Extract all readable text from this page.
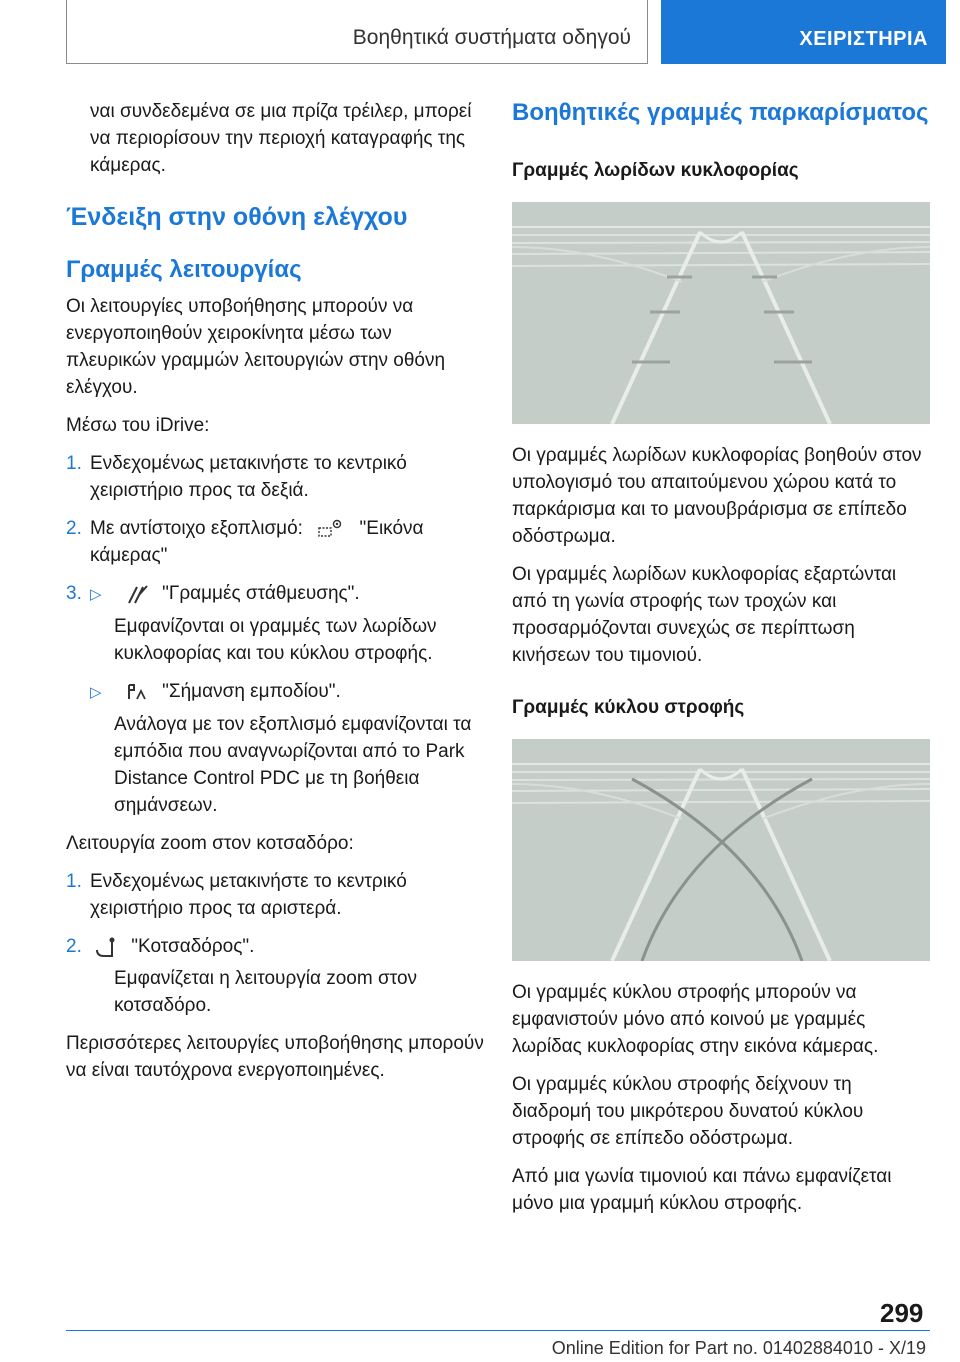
Βοηθητικά συστήματα οδηγού	ΧΕΙΡΙΣΤΗΡΙΑ

ναι συνδεδεμένα σε μια πρίζα τρέιλερ, μπορεί να περιορίσουν την περιοχή καταγραφής της κάμερας.

Ένδειξη στην οθόνη ελέγχου
Γραμμές λειτουργίας

Οι λειτουργίες υποβοήθησης μπορούν να ενεργοποιηθούν χειροκίνητα μέσω των πλευρικών γραμμών λειτουργιών στην οθόνη ελέγχου.

Μέσω του iDrive:

1. Ενδεχομένως μετακινήστε το κεντρικό χειριστήριο προς τα δεξιά.
2. Με αντίστοιχο εξοπλισμό:	"Εικόνα κάμερας"
3. ▷	"Γραμμές στάθμευσης".

Εμφανίζονται οι γραμμές των λωρίδων κυκλοφορίας και του κύκλου στροφής.

▷	"Σήμανση εμποδίου".

Ανάλογα με τον εξοπλισμό εμφανίζονται τα εμπόδια που αναγνωρίζονται από το Park Distance Control PDC με τη βοήθεια σημάνσεων.

Λειτουργία zoom στον κοτσαδόρο:

1. Ενδεχομένως μετακινήστε το κεντρικό χειριστήριο προς τα αριστερά.
2.	"Κοτσαδόρος".

Εμφανίζεται η λειτουργία zoom στον κοτσαδόρο.

Περισσότερες λειτουργίες υποβοήθησης μπορούν να είναι ταυτόχρονα ενεργοποιημένες.

Βοηθητικές γραμμές παρκαρίσματος
Γραμμές λωρίδων κυκλοφορίας

Οι γραμμές λωρίδων κυκλοφορίας βοηθούν στον υπολογισμό του απαιτούμενου χώρου κατά το παρκάρισμα και το μανουβράρισμα σε επίπεδο οδόστρωμα.

Οι γραμμές λωρίδων κυκλοφορίας εξαρτώνται από τη γωνία στροφής των τροχών και προσαρμόζονται συνεχώς σε περίπτωση κινήσεων του τιμονιού.

Γραμμές κύκλου στροφής

Οι γραμμές κύκλου στροφής μπορούν να εμφανιστούν μόνο από κοινού με γραμμές λωρίδας κυκλοφορίας στην εικόνα κάμερας.

Οι γραμμές κύκλου στροφής δείχνουν τη διαδρομή του μικρότερου δυνατού κύκλου στροφής σε επίπεδο οδόστρωμα.

Από μια γωνία τιμονιού και πάνω εμφανίζεται μόνο μια γραμμή κύκλου στροφής.

299
Online Edition for Part no. 01402884010 - X/19
